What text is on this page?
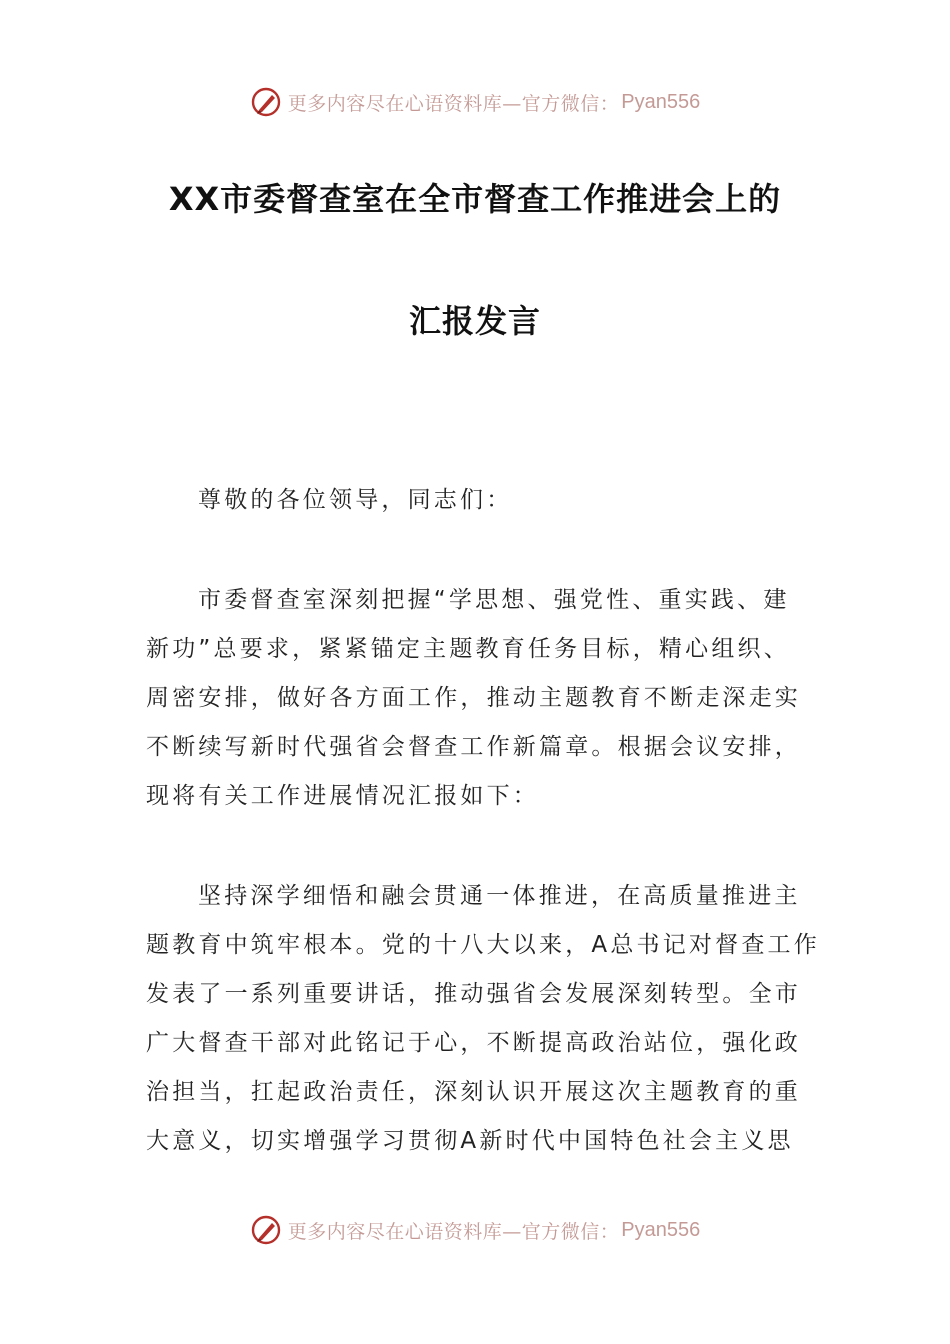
更多内容尽在心语资料库—官方微信： Pyan556
XX市委督查室在全市督查工作推进会上的
汇报发言
尊敬的各位领导，同志们：
市委督查室深刻把握“学思想、强党性、重实践、建
新功”总要求，紧紧锚定主题教育任务目标，精心组织、
周密安排，做好各方面工作，推动主题教育不断走深走实
不断续写新时代强省会督查工作新篇章。根据会议安排，
现将有关工作进展情况汇报如下：
坚持深学细悟和融会贯通一体推进，在高质量推进主
题教育中筑牢根本。党的十八大以来，A总书记对督查工作
发表了一系列重要讲话，推动强省会发展深刻转型。全市
广大督查干部对此铭记于心，不断提高政治站位，强化政
治担当，扛起政治责任，深刻认识开展这次主题教育的重
大意义，切实增强学习贯彻A新时代中国特色社会主义思
更多内容尽在心语资料库—官方微信： Pyan556
